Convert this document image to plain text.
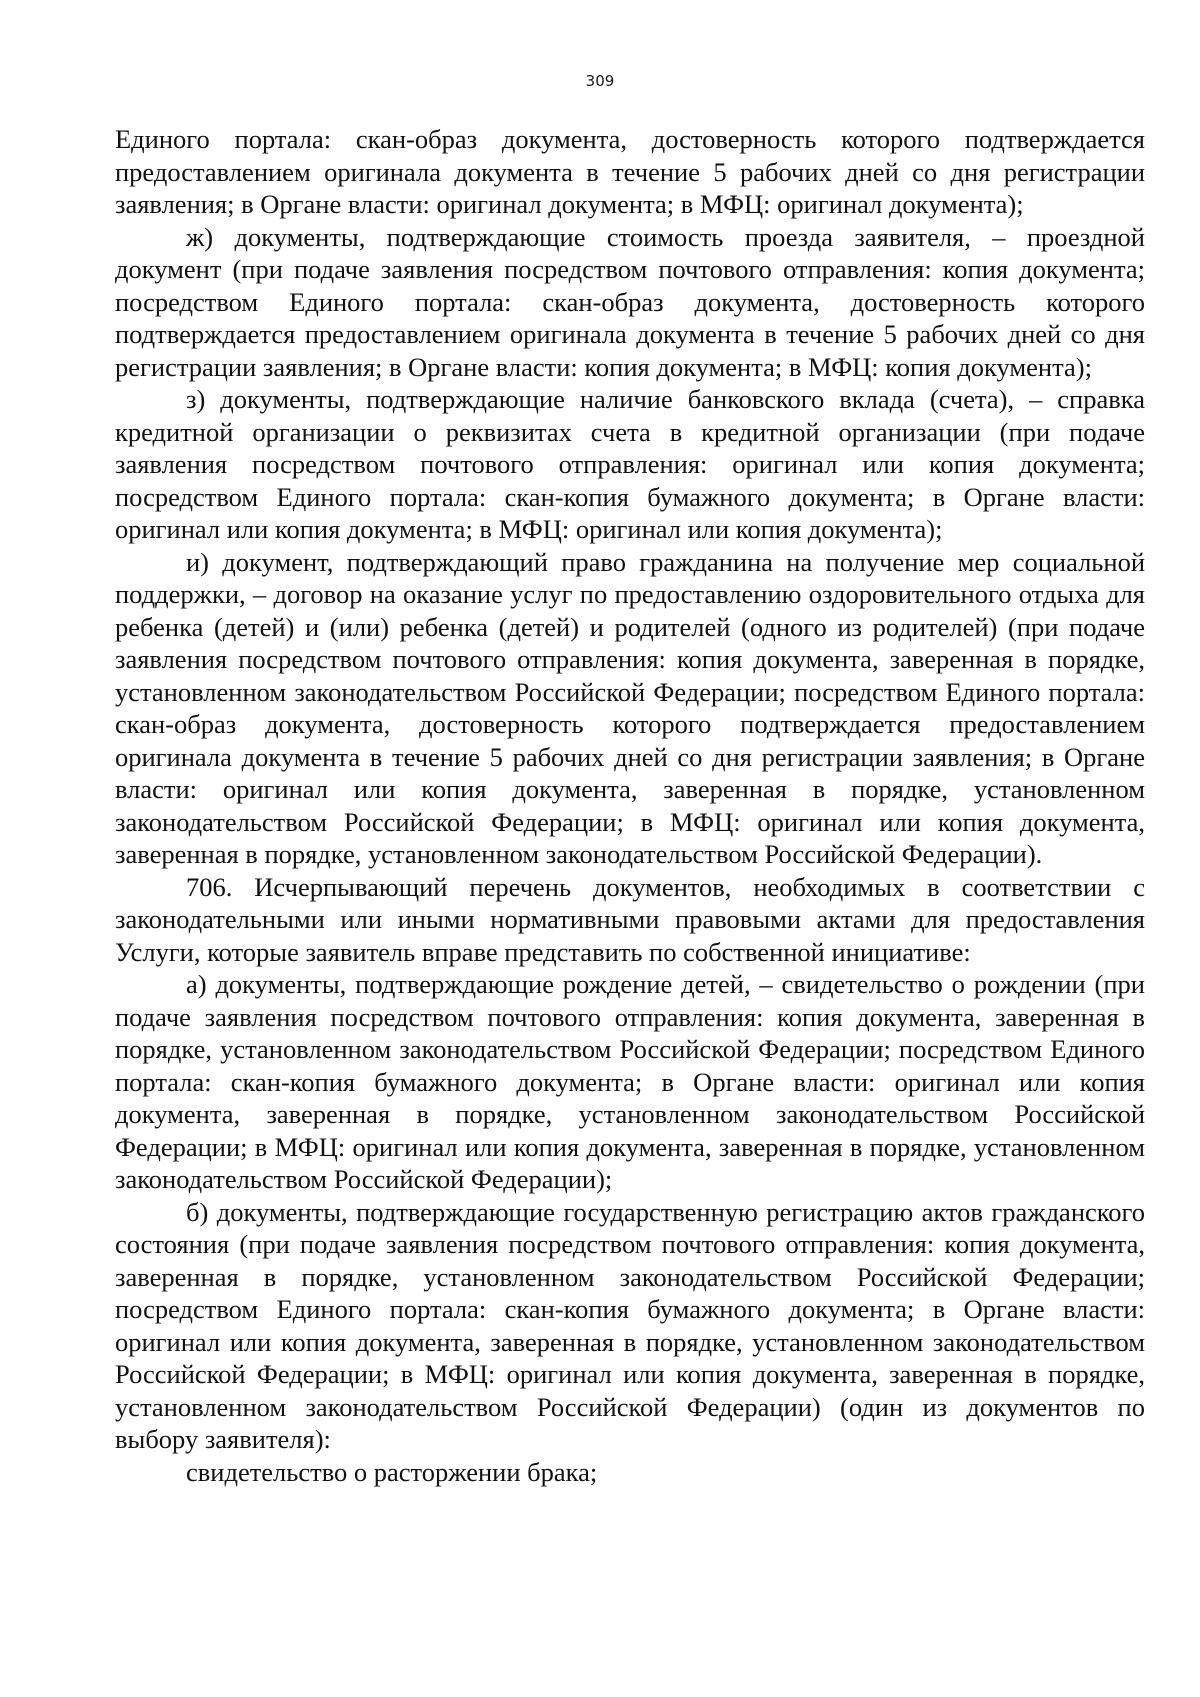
309

Единого портала: скан-образ документа, достоверность которого подтверждается предоставлением оригинала документа в течение 5 рабочих дней со дня регистрации заявления; в Органе власти: оригинал документа; в МФЦ: оригинал документа);

ж) документы, подтверждающие стоимость проезда заявителя, – проездной документ (при подаче заявления посредством почтового отправления: копия документа; посредством Единого портала: скан-образ документа, достоверность которого подтверждается предоставлением оригинала документа в течение 5 рабочих дней со дня регистрации заявления; в Органе власти: копия документа; в МФЦ: копия документа);

з) документы, подтверждающие наличие банковского вклада (счета), – справка кредитной организации о реквизитах счета в кредитной организации (при подаче заявления посредством почтового отправления: оригинал или копия документа; посредством Единого портала: скан-копия бумажного документа; в Органе власти: оригинал или копия документа; в МФЦ: оригинал или копия документа);

и) документ, подтверждающий право гражданина на получение мер социальной поддержки, – договор на оказание услуг по предоставлению оздоровительного отдыха для ребенка (детей) и (или) ребенка (детей) и родителей (одного из родителей) (при подаче заявления посредством почтового отправления: копия документа, заверенная в порядке, установленном законодательством Российской Федерации; посредством Единого портала: скан-образ документа, достоверность которого подтверждается предоставлением оригинала документа в течение 5 рабочих дней со дня регистрации заявления; в Органе власти: оригинал или копия документа, заверенная в порядке, установленном законодательством Российской Федерации; в МФЦ: оригинал или копия документа, заверенная в порядке, установленном законодательством Российской Федерации).

706. Исчерпывающий перечень документов, необходимых в соответствии с законодательными или иными нормативными правовыми актами для предоставления Услуги, которые заявитель вправе представить по собственной инициативе:

а) документы, подтверждающие рождение детей, – свидетельство о рождении (при подаче заявления посредством почтового отправления: копия документа, заверенная в порядке, установленном законодательством Российской Федерации; посредством Единого портала: скан-копия бумажного документа; в Органе власти: оригинал или копия документа, заверенная в порядке, установленном законодательством Российской Федерации; в МФЦ: оригинал или копия документа, заверенная в порядке, установленном законодательством Российской Федерации);

б) документы, подтверждающие государственную регистрацию актов гражданского состояния (при подаче заявления посредством почтового отправления: копия документа, заверенная в порядке, установленном законодательством Российской Федерации; посредством Единого портала: скан-копия бумажного документа; в Органе власти: оригинал или копия документа, заверенная в порядке, установленном законодательством Российской Федерации; в МФЦ: оригинал или копия документа, заверенная в порядке, установленном законодательством Российской Федерации) (один из документов по выбору заявителя):

свидетельство о расторжении брака;
